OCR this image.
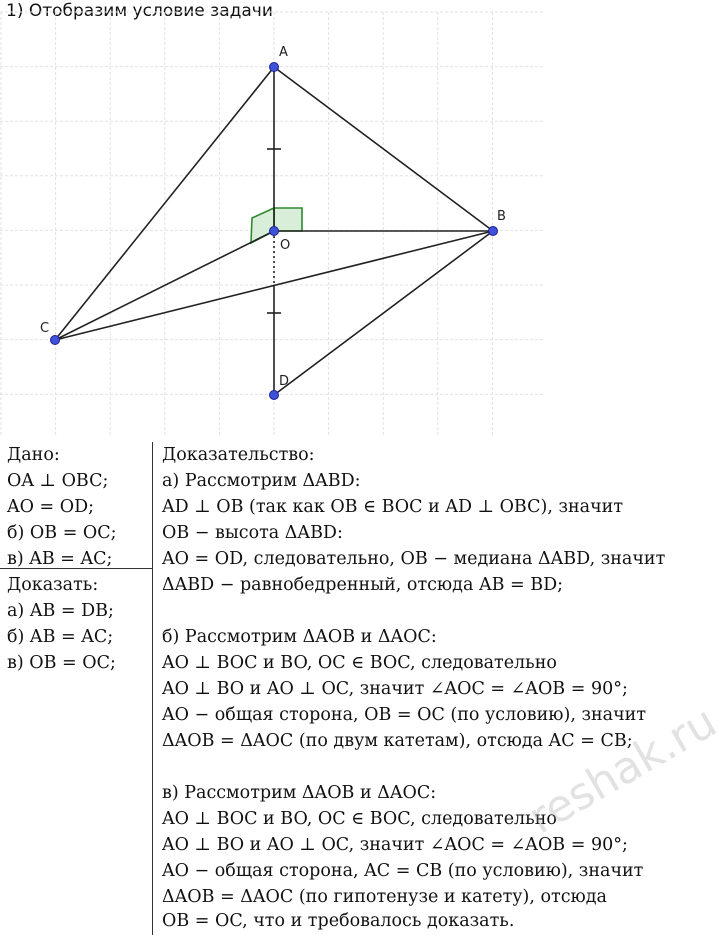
1) Отобразим условие задачи
A
B
C
D
O
Дано:
OA ⊥ OBC;
AO = OD;
б) OB = OC;
в) AB = AC;
Доказать:
а) AB = DB;
б) AB = AC;
в) OB = OC;
Доказательство:
а) Рассмотрим ΔABD:
AD ⊥ OB (так как OB ∈ BOC и AD ⊥ OBC), значит
OB − высота ΔABD:
AO = OD, следовательно, OB − медиана ΔABD, значит
ΔABD − равнобедренный, отсюда AB = BD;
б) Рассмотрим ΔAOB и ΔAOC:
AO ⊥ BOC и BO, OC ∈ BOC, следовательно
AO ⊥ BO и AO ⊥ OC, значит ∠AOC = ∠AOB = 90°;
AO − общая сторона, OB = OC (по условию), значит
ΔAOB = ΔAOC (по двум катетам), отсюда AC = CB;
в) Рассмотрим ΔAOB и ΔAOC:
AO ⊥ BOC и BO, OC ∈ BOC, следовательно
AO ⊥ BO и AO ⊥ OC, значит ∠AOC = ∠AOB = 90°;
AO − общая сторона, AC = CB (по условию), значит
ΔAOB = ΔAOC (по гипотенузе и катету), отсюда
OB = OC, что и требовалось доказать.
reshak.ru
